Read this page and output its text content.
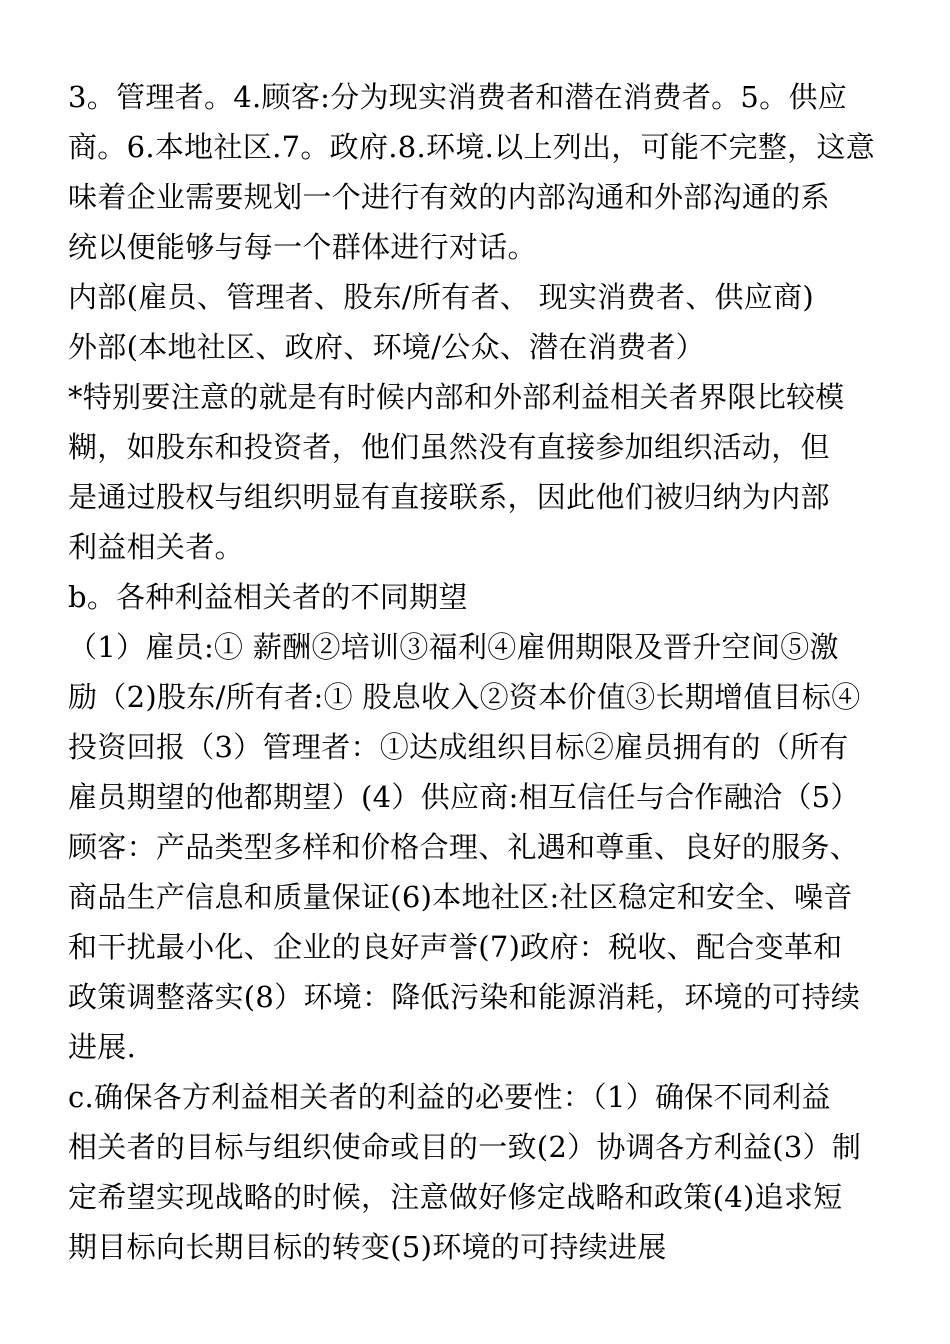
3。管理者。4.顾客:分为现实消费者和潜在消费者。5。供应
商。6.本地社区.7。政府.8.环境.以上列出，可能不完整，这意
味着企业需要规划一个进行有效的内部沟通和外部沟通的系
统以便能够与每一个群体进行对话。
内部(雇员、管理者、股东/所有者、 现实消费者、供应商)
外部(本地社区、政府、环境/公众、潜在消费者）
*特别要注意的就是有时候内部和外部利益相关者界限比较模
糊，如股东和投资者，他们虽然没有直接参加组织活动，但
是通过股权与组织明显有直接联系，因此他们被归纳为内部
利益相关者。
b。各种利益相关者的不同期望
（1）雇员:① 薪酬②培训③福利④雇佣期限及晋升空间⑤激
励（2)股东/所有者:① 股息收入②资本价值③长期增值目标④
投资回报（3）管理者：①达成组织目标②雇员拥有的（所有
雇员期望的他都期望）(4）供应商:相互信任与合作融洽（5）
顾客：产品类型多样和价格合理、礼遇和尊重、良好的服务、
商品生产信息和质量保证(6)本地社区:社区稳定和安全、噪音
和干扰最小化、企业的良好声誉(7)政府：税收、配合变革和
政策调整落实(8）环境：降低污染和能源消耗，环境的可持续
进展.
c.确保各方利益相关者的利益的必要性：（1）确保不同利益
相关者的目标与组织使命或目的一致(2）协调各方利益(3）制
定希望实现战略的时候，注意做好修定战略和政策(4)追求短
期目标向长期目标的转变(5)环境的可持续进展
